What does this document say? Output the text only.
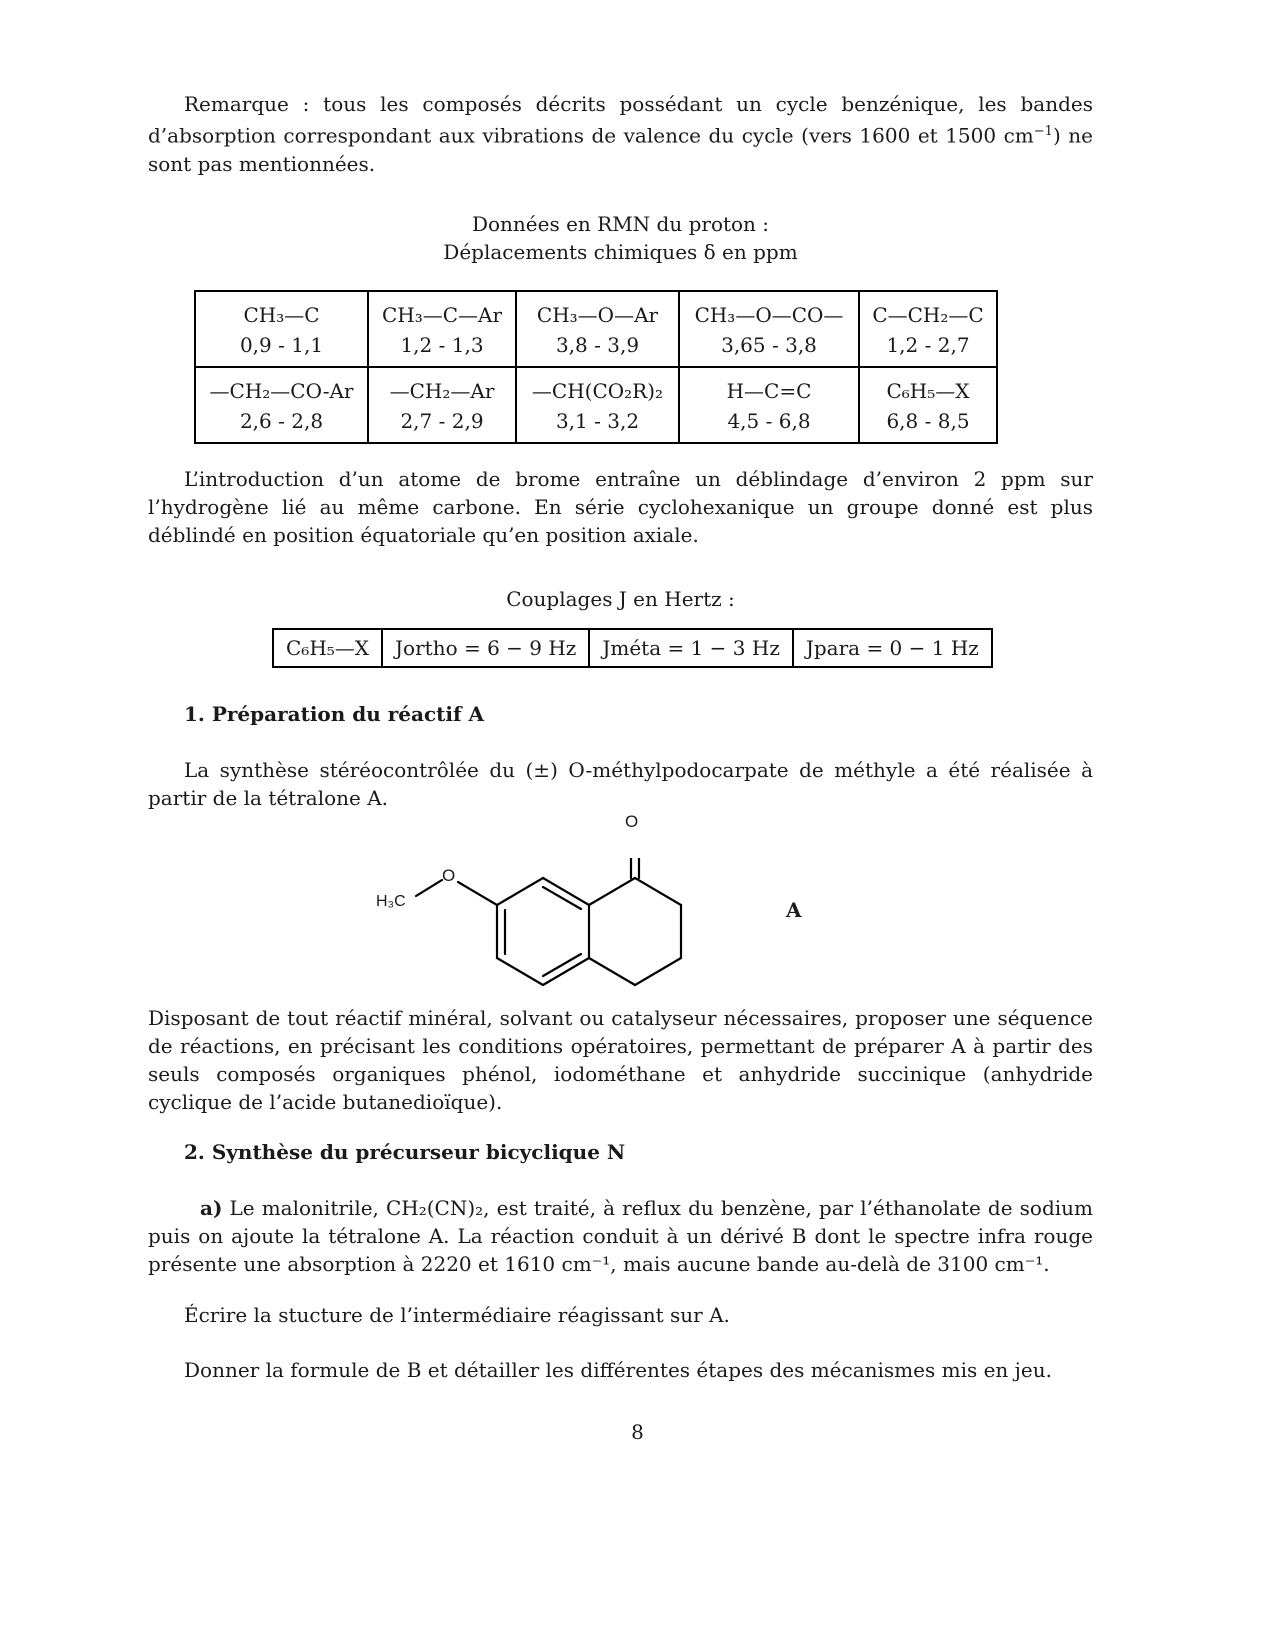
Remarque : tous les composés décrits possédant un cycle benzénique, les bandes d’absorption correspondant aux vibrations de valence du cycle (vers 1600 et 1500 $cm^{-1}$) ne sont pas mentionnées.

Données en RMN du proton :
Déplacements chimiques δ en ppm
CH₃—C	CH₃—C—Ar	CH₃—O—Ar	CH₃—O—CO—	C—CH₂—C
0,9 - 1,1	1,2 - 1,3	3,8 - 3,9	3,65 - 3,8	1,2 - 2,7
—CH₂—CO-Ar	—CH₂—Ar	—CH(CO₂R)₂	H—C=C	C₆H₅—X
2,6 - 2,8	2,7 - 2,9	3,1 - 3,2	4,5 - 6,8	6,8 - 8,5

L’introduction d’un atome de brome entraîne un déblindage d’environ 2 ppm sur l’hydrogène lié au même carbone. En série cyclohexanique un groupe donné est plus déblindé en position équatoriale qu’en position axiale.

Couplages J en Hertz :
C₆H₅—X	Jortho = 6 − 9 Hz	Jméta = 1 − 3 Hz	Jpara = 0 − 1 Hz
1. Préparation du réactif A

La synthèse stéréocontrôlée du (±) O-méthylpodocarpate de méthyle a été réalisée à partir de la tétralone A.

O
O
H₃C	A

Disposant de tout réactif minéral, solvant ou catalyseur nécessaires, proposer une séquence de réactions, en précisant les conditions opératoires, permettant de préparer A à partir des seuls composés organiques phénol, iodométhane et anhydride succinique (anhydride cyclique de l’acide butanedioïque).

2. Synthèse du précurseur bicyclique N

a) Le malonitrile, CH₂(CN)₂, est traité, à reflux du benzène, par l’éthanolate de sodium puis on ajoute la tétralone A. La réaction conduit à un dérivé B dont le spectre infra rouge présente une absorption à 2220 et 1610 cm⁻¹, mais aucune bande au-delà de 3100 cm⁻¹.

Écrire la stucture de l’intermédiaire réagissant sur A.

Donner la formule de B et détailler les différentes étapes des mécanismes mis en jeu.

8
